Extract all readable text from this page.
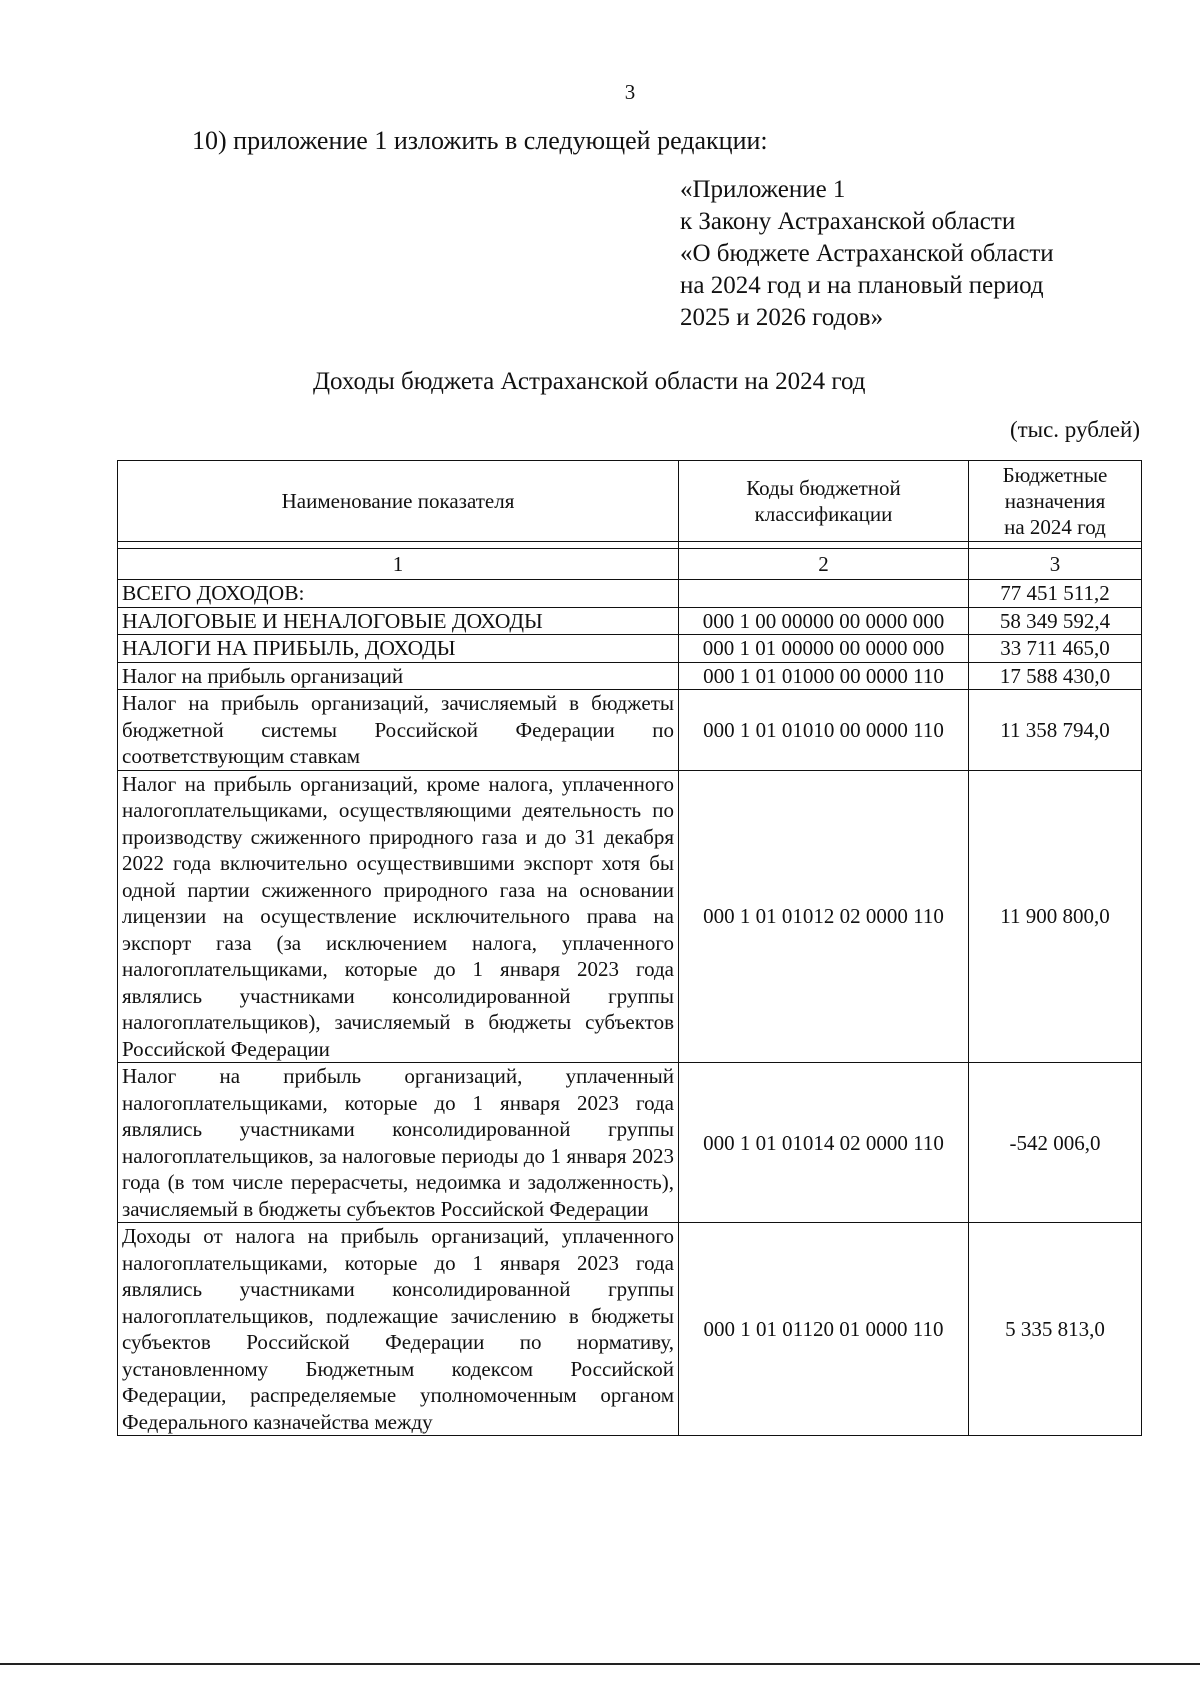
3
10) приложение 1 изложить в следующей редакции:
«Приложение 1
к Закону Астраханской области
«О бюджете Астраханской области
на 2024 год и на плановый период
2025 и 2026 годов»
Доходы бюджета Астраханской области на 2024 год
(тыс. рублей)
Наименование показателя	Коды бюджетной классификации	Бюджетные
назначения
на 2024 год

1	2	3
ВСЕГО ДОХОДОВ:		77 451 511,2
НАЛОГОВЫЕ И НЕНАЛОГОВЫЕ ДОХОДЫ	000 1 00 00000 00 0000 000	58 349 592,4
НАЛОГИ НА ПРИБЫЛЬ, ДОХОДЫ	000 1 01 00000 00 0000 000	33 711 465,0
Налог на прибыль организаций	000 1 01 01000 00 0000 110	17 588 430,0
Налог на прибыль организаций, зачисляемый в бюджеты бюджетной системы Российской Федерации по соответствующим ставкам	000 1 01 01010 00 0000 110	11 358 794,0
Налог на прибыль организаций, кроме налога, уплаченного налогоплательщиками, осуществляющими деятельность по производству сжиженного природного газа и до 31 декабря 2022 года включительно осуществившими экспорт хотя бы одной партии сжиженного природного газа на основании лицензии на осуществление исключительного права на экспорт газа (за исключением налога, уплаченного налогоплательщиками, которые до 1 января 2023 года являлись участниками консолидированной группы налогоплательщиков), зачисляемый в бюджеты субъектов Российской Федерации	000 1 01 01012 02 0000 110	11 900 800,0
Налог на прибыль организаций, уплаченный налогоплательщиками, которые до 1 января 2023 года являлись участниками консолидированной группы налогоплательщиков, за налоговые периоды до 1 января 2023 года (в том числе перерасчеты, недоимка и задолженность), зачисляемый в бюджеты субъектов Российской Федерации	000 1 01 01014 02 0000 110	-542 006,0
Доходы от налога на прибыль организаций, уплаченного налогоплательщиками, которые до 1 января 2023 года являлись участниками консолидированной группы налогоплательщиков, подлежащие зачислению в бюджеты субъектов Российской Федерации по нормативу, установленному Бюджетным кодексом Российской Федерации, распределяемые уполномоченным органом Федерального казначейства между	000 1 01 01120 01 0000 110	5 335 813,0
